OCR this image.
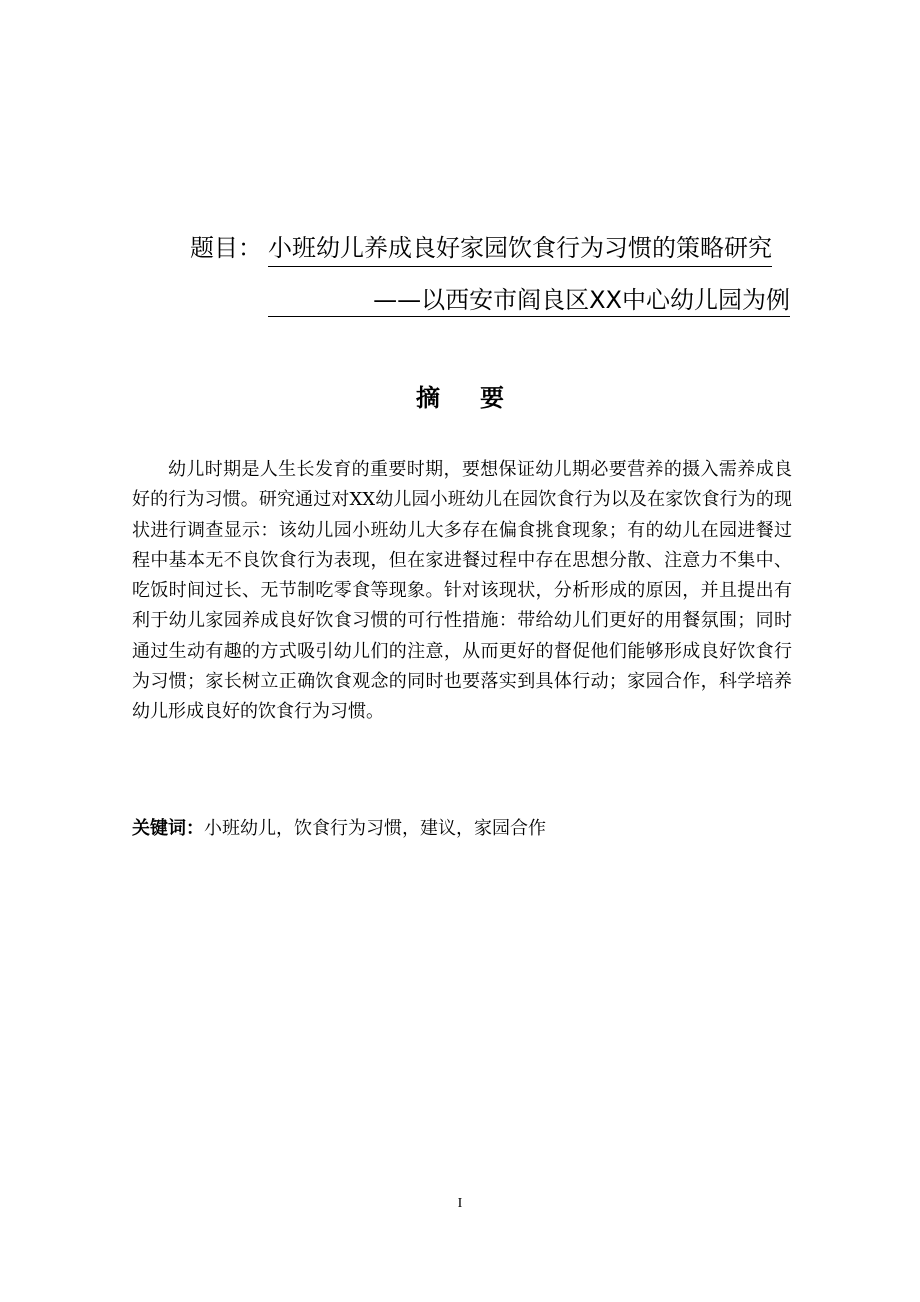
题目： 小班幼儿养成良好家园饮食行为习惯的策略研究
——以西安市阎良区XX中心幼儿园为例
摘要
幼儿时期是人生长发育的重要时期，要想保证幼儿期必要营养的摄入需养成良好的行为习惯。研究通过对XX幼儿园小班幼儿在园饮食行为以及在家饮食行为的现状进行调查显示：该幼儿园小班幼儿大多存在偏食挑食现象；有的幼儿在园进餐过程中基本无不良饮食行为表现，但在家进餐过程中存在思想分散、注意力不集中、吃饭时间过长、无节制吃零食等现象。针对该现状，分析形成的原因，并且提出有利于幼儿家园养成良好饮食习惯的可行性措施：带给幼儿们更好的用餐氛围；同时通过生动有趣的方式吸引幼儿们的注意，从而更好的督促他们能够形成良好饮食行为习惯；家长树立正确饮食观念的同时也要落实到具体行动；家园合作，科学培养幼儿形成良好的饮食行为习惯。
关键词：小班幼儿，饮食行为习惯，建议，家园合作
I
